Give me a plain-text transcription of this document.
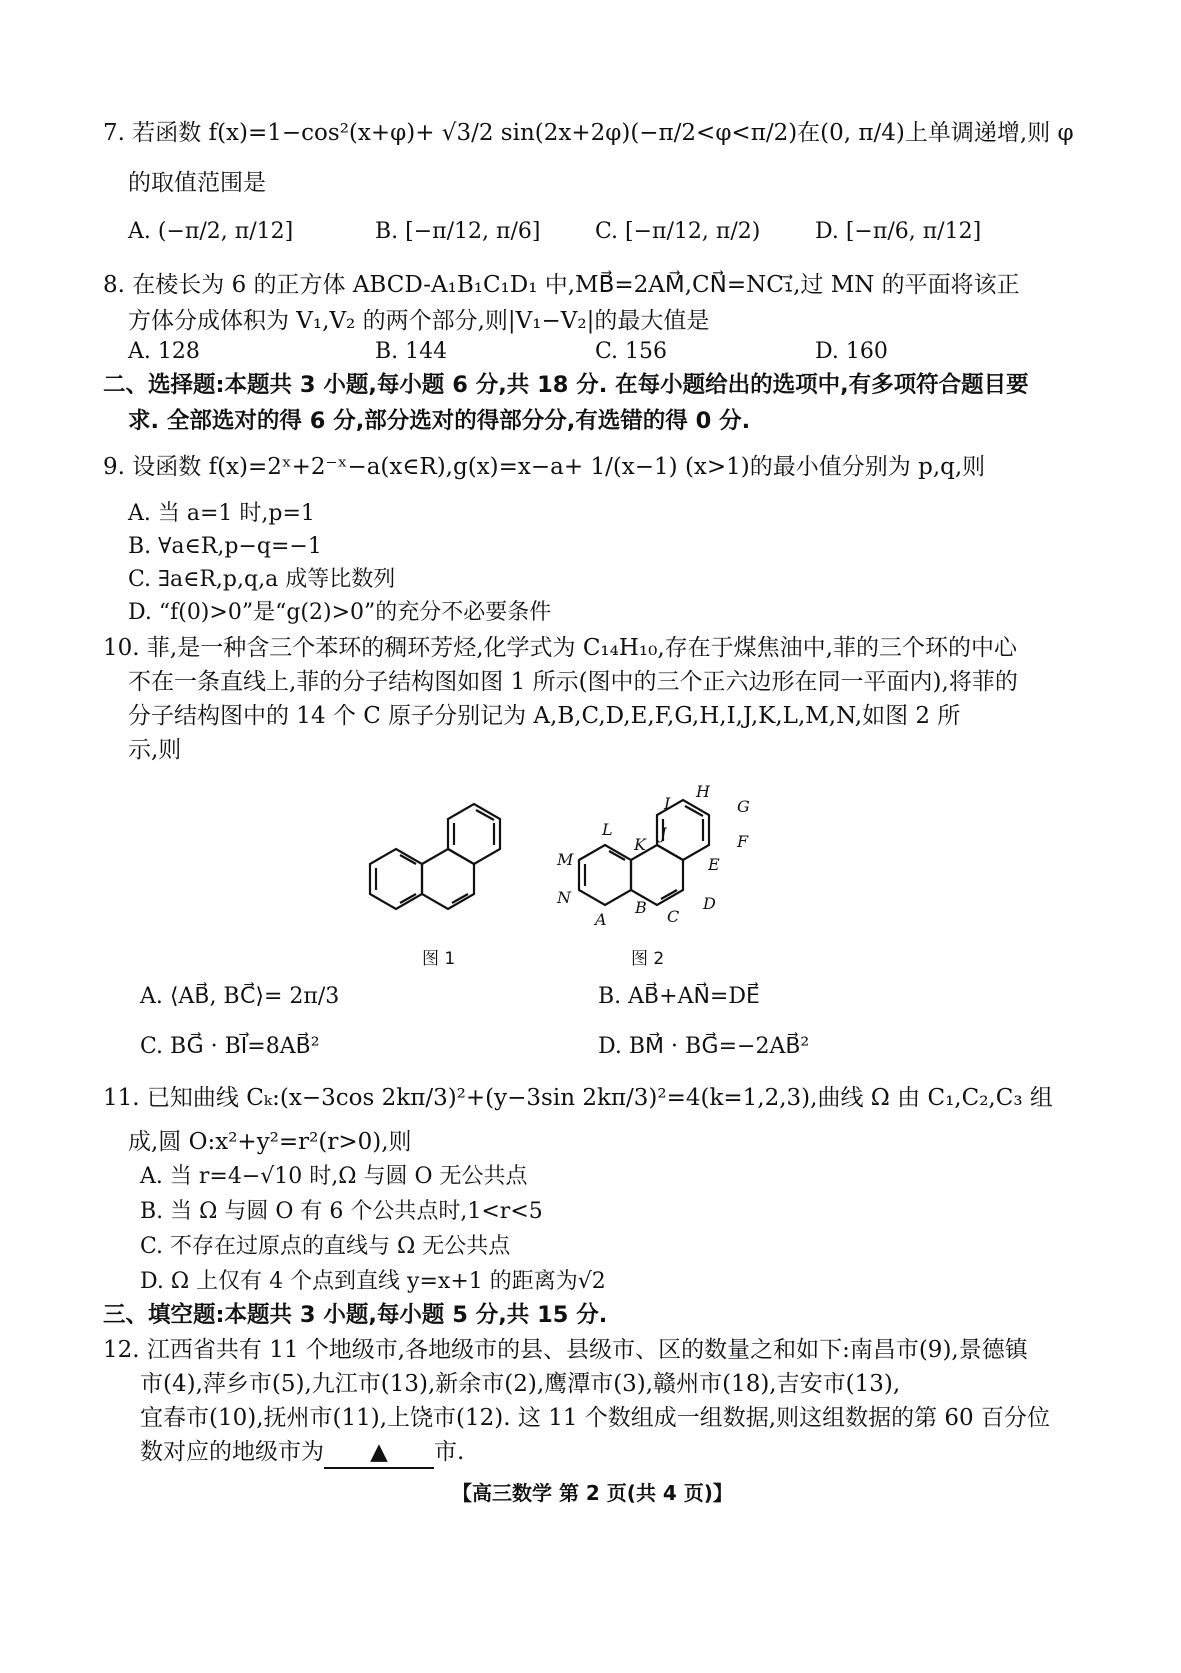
7. 若函数 f(x)=1−cos²(x+φ)+ √3/2 sin(2x+2φ)(−π/2<φ<π/2)在(0, π/4)上单调递增,则 φ
的取值范围是
A. (−π/2, π/12]	B. [−π/12, π/6] C. [−π/12, π/2) D. [−π/6, π/12]
8. 在棱长为 6 的正方体 ABCD-A₁B₁C₁D₁ 中,MB⃗=2AM⃗,CN⃗=NC₁⃗,过 MN 的平面将该正
方体分成体积为 V₁,V₂ 的两个部分,则|V₁−V₂|的最大值是
A. 128	B. 144	C. 156	D. 160
二、选择题:本题共 3 小题,每小题 6 分,共 18 分. 在每小题给出的选项中,有多项符合题目要
求. 全部选对的得 6 分,部分选对的得部分分,有选错的得 0 分.
9. 设函数 f(x)=2ˣ+2⁻ˣ−a(x∈R),g(x)=x−a+ 1/(x−1) (x>1)的最小值分别为 p,q,则
A. 当 a=1 时,p=1
B. ∀a∈R,p−q=−1
C. ∃a∈R,p,q,a 成等比数列
D. “f(0)>0”是“g(2)>0”的充分不必要条件
10. 菲,是一种含三个苯环的稠环芳烃,化学式为 C₁₄H₁₀,存在于煤焦油中,菲的三个环的中心
不在一条直线上,菲的分子结构图如图 1 所示(图中的三个正六边形在同一平面内),将菲的
分子结构图中的 14 个 C 原子分别记为 A,B,C,D,E,F,G,H,I,J,K,L,M,N,如图 2 所
示,则
图 1
A
B C
D
E
F
G
H
I
J
K
L
M
N
图 2
A. ⟨AB⃗, BC⃗⟩= 2π/3	B. AB⃗+AN⃗=DE⃗
C. BG⃗ · BI⃗=8AB⃗²	D. BM⃗ · BG⃗=−2AB⃗²
11. 已知曲线 Cₖ:(x−3cos 2kπ/3)²+(y−3sin 2kπ/3)²=4(k=1,2,3),曲线 Ω 由 C₁,C₂,C₃ 组
成,圆 O:x²+y²=r²(r>0),则
A. 当 r=4−√10 时,Ω 与圆 O 无公共点
B. 当 Ω 与圆 O 有 6 个公共点时,1<r<5
C. 不存在过原点的直线与 Ω 无公共点
D. Ω 上仅有 4 个点到直线 y=x+1 的距离为√2
三、填空题:本题共 3 小题,每小题 5 分,共 15 分.
12. 江西省共有 11 个地级市,各地级市的县、县级市、区的数量之和如下:南昌市(9),景德镇
市(4),萍乡市(5),九江市(13),新余市(2),鹰潭市(3),赣州市(18),吉安市(13),
宜春市(10),抚州市(11),上饶市(12). 这 11 个数组成一组数据,则这组数据的第 60 百分位
数对应的地级市为 ▲ 市.
【高三数学 第 2 页(共 4 页)】
